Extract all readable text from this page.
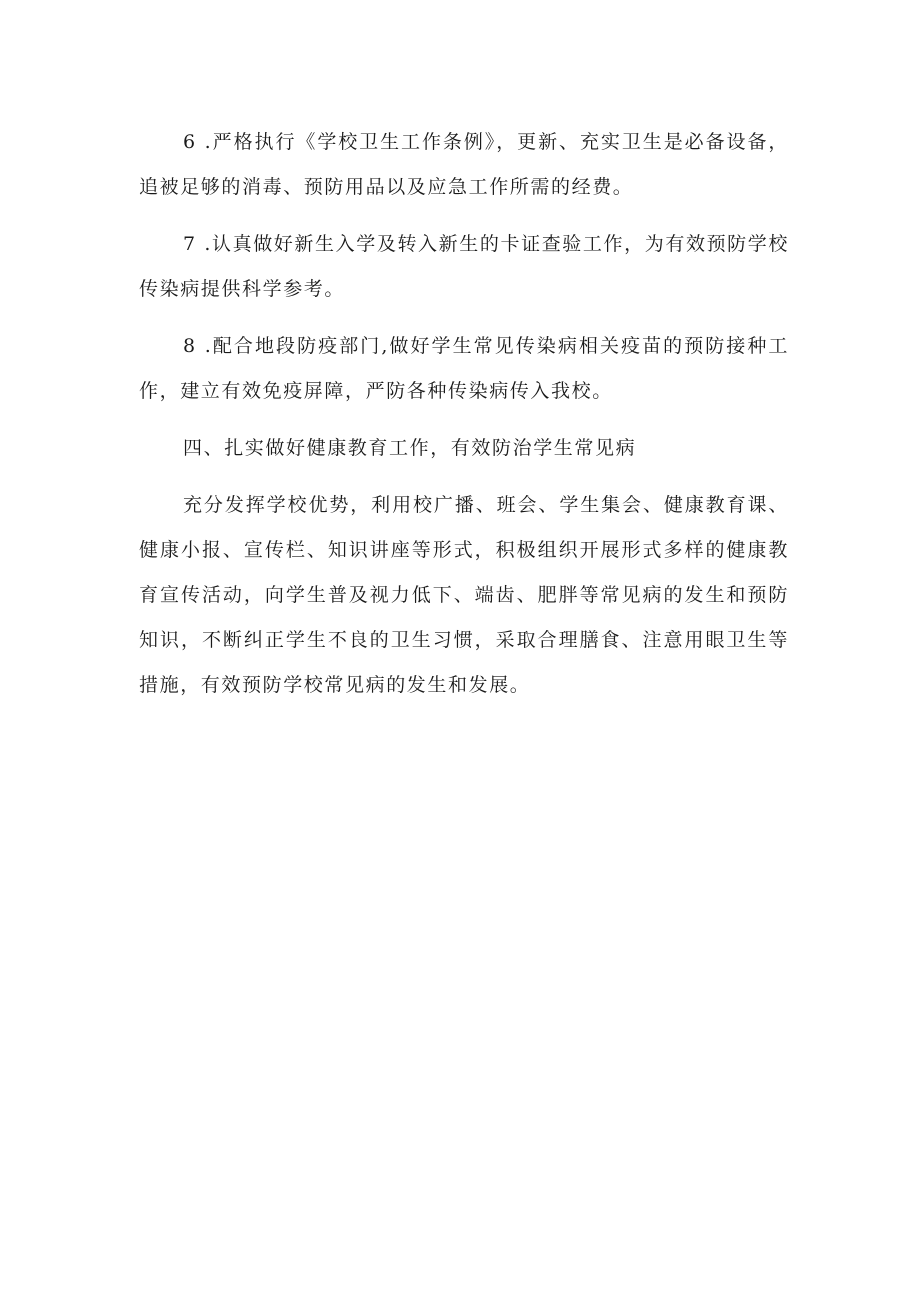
6 .严格执行《学校卫生工作条例》，更新、充实卫生是必备设备，追被足够的消毒、预防用品以及应急工作所需的经费。

7 .认真做好新生入学及转入新生的卡证查验工作，为有效预防学校传染病提供科学参考。

8 .配合地段防疫部门,做好学生常见传染病相关疫苗的预防接种工作，建立有效免疫屏障，严防各种传染病传入我校。

四、扎实做好健康教育工作，有效防治学生常见病

充分发挥学校优势，利用校广播、班会、学生集会、健康教育课、健康小报、宣传栏、知识讲座等形式，积极组织开展形式多样的健康教育宣传活动，向学生普及视力低下、端齿、肥胖等常见病的发生和预防知识，不断纠正学生不良的卫生习惯，采取合理膳食、注意用眼卫生等措施，有效预防学校常见病的发生和发展。
